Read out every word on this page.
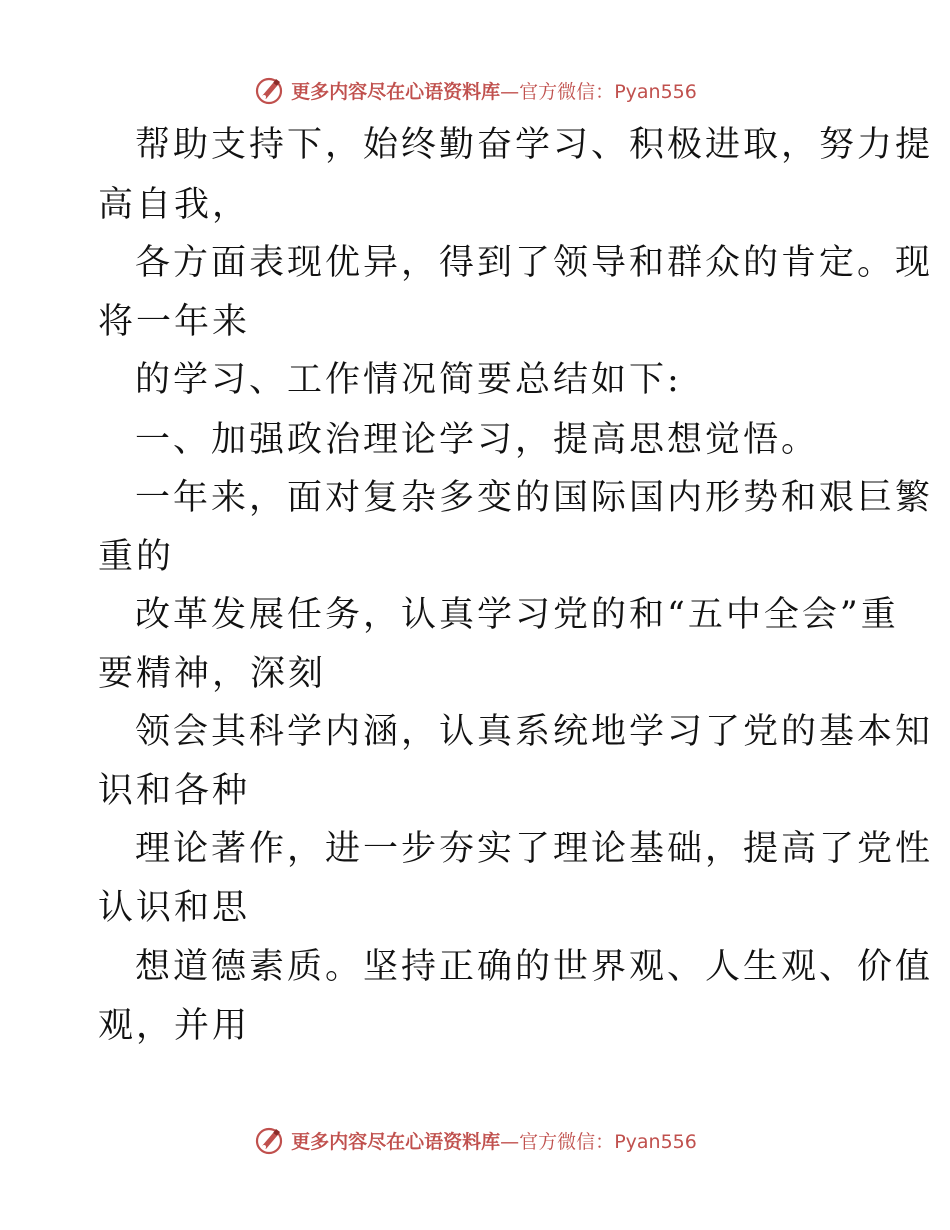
更多内容尽在心语资料库—官方微信：Pyan556
帮助支持下，始终勤奋学习、积极进取，努力提
高自我，
各方面表现优异，得到了领导和群众的肯定。现
将一年来
的学习、工作情况简要总结如下:
一、加强政治理论学习，提高思想觉悟。
一年来，面对复杂多变的国际国内形势和艰巨繁
重的
改革发展任务，认真学习党的和“五中全会”重
要精神，深刻
领会其科学内涵，认真系统地学习了党的基本知
识和各种
理论著作，进一步夯实了理论基础，提高了党性
认识和思
想道德素质。坚持正确的世界观、人生观、价值
观，并用
更多内容尽在心语资料库—官方微信：Pyan556
